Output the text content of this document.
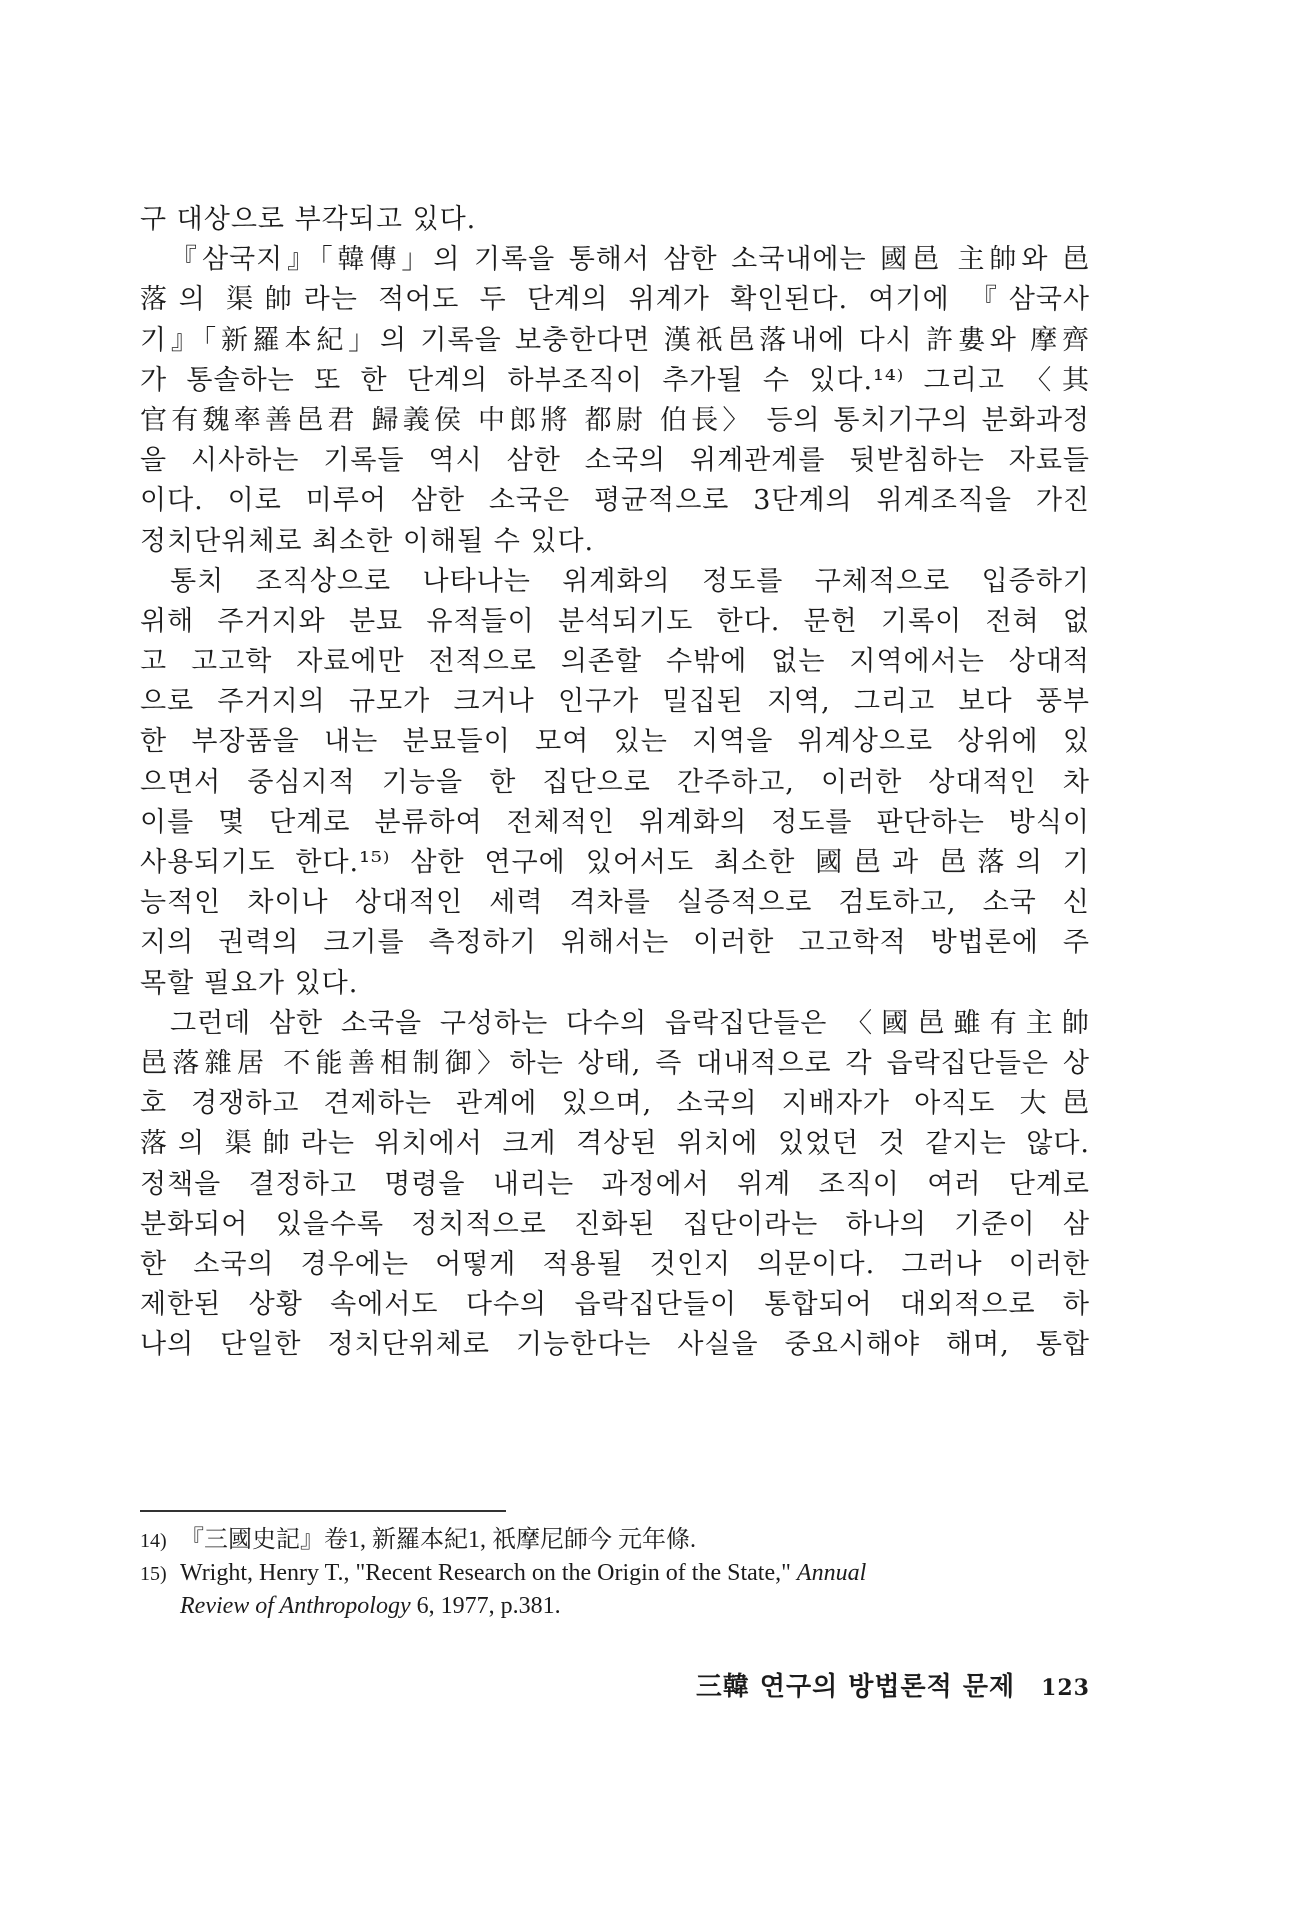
구 대상으로 부각되고 있다.
『삼국지』「韓傳」의 기록을 통해서 삼한 소국내에는 國邑 主帥와 邑
落의 渠帥라는 적어도 두 단계의 위계가 확인된다. 여기에 『삼국사
기』「新羅本紀」의 기록을 보충한다면 漢祇邑落내에 다시 許婁와 摩齊
가 통솔하는 또 한 단계의 하부조직이 추가될 수 있다.¹⁴⁾ 그리고 〈其
官有魏率善邑君 歸義侯 中郎將 都尉 伯長〉 등의 통치기구의 분화과정
을 시사하는 기록들 역시 삼한 소국의 위계관계를 뒷받침하는 자료들
이다. 이로 미루어 삼한 소국은 평균적으로 3단계의 위계조직을 가진
정치단위체로 최소한 이해될 수 있다.
통치 조직상으로 나타나는 위계화의 정도를 구체적으로 입증하기
위해 주거지와 분묘 유적들이 분석되기도 한다. 문헌 기록이 전혀 없
고 고고학 자료에만 전적으로 의존할 수밖에 없는 지역에서는 상대적
으로 주거지의 규모가 크거나 인구가 밀집된 지역, 그리고 보다 풍부
한 부장품을 내는 분묘들이 모여 있는 지역을 위계상으로 상위에 있
으면서 중심지적 기능을 한 집단으로 간주하고, 이러한 상대적인 차
이를 몇 단계로 분류하여 전체적인 위계화의 정도를 판단하는 방식이
사용되기도 한다.¹⁵⁾ 삼한 연구에 있어서도 최소한 國邑과 邑落의 기
능적인 차이나 상대적인 세력 격차를 실증적으로 검토하고, 소국 신
지의 권력의 크기를 측정하기 위해서는 이러한 고고학적 방법론에 주
목할 필요가 있다.
그런데 삼한 소국을 구성하는 다수의 읍락집단들은 〈國邑雖有主帥
邑落雜居 不能善相制御〉하는 상태, 즉 대내적으로 각 읍락집단들은 상
호 경쟁하고 견제하는 관계에 있으며, 소국의 지배자가 아직도 大邑
落의 渠帥라는 위치에서 크게 격상된 위치에 있었던 것 같지는 않다.
정책을 결정하고 명령을 내리는 과정에서 위계 조직이 여러 단계로
분화되어 있을수록 정치적으로 진화된 집단이라는 하나의 기준이 삼
한 소국의 경우에는 어떻게 적용될 것인지 의문이다. 그러나 이러한
제한된 상황 속에서도 다수의 읍락집단들이 통합되어 대외적으로 하
나의 단일한 정치단위체로 기능한다는 사실을 중요시해야 해며, 통합
14) 『三國史記』卷1, 新羅本紀1, 祇摩尼師今 元年條.
15) Wright, Henry T., "Recent Research on the Origin of the State," Annual
Review of Anthropology 6, 1977, p.381.
三韓 연구의 방법론적 문제 123
